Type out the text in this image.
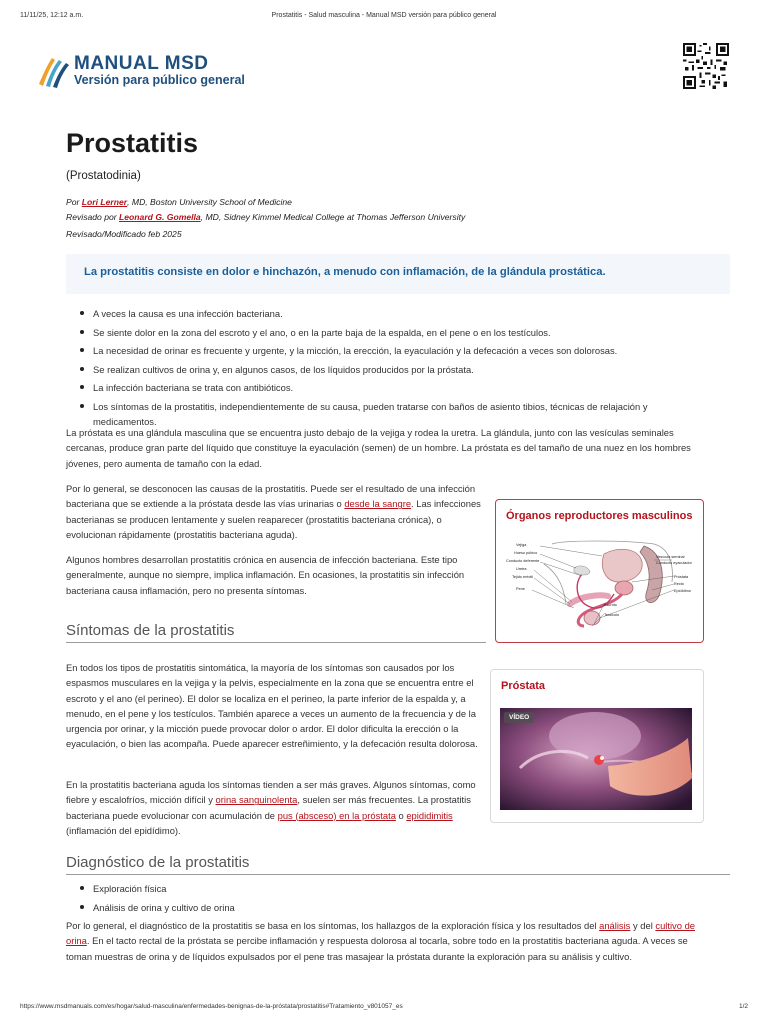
11/11/25, 12:12 a.m.	Prostatitis - Salud masculina - Manual MSD versión para público general
MANUAL MSD
Versión para público general
Prostatitis
(Prostatodinia)
Por Lori Lerner, MD, Boston University School of Medicine
Revisado por Leonard G. Gomella, MD, Sidney Kimmel Medical College at Thomas Jefferson University
Revisado/Modificado feb 2025
La prostatitis consiste en dolor e hinchazón, a menudo con inflamación, de la glándula prostática.
A veces la causa es una infección bacteriana.
Se siente dolor en la zona del escroto y el ano, o en la parte baja de la espalda, en el pene o en los testículos.
La necesidad de orinar es frecuente y urgente, y la micción, la erección, la eyaculación y la defecación a veces son dolorosas.
Se realizan cultivos de orina y, en algunos casos, de los líquidos producidos por la próstata.
La infección bacteriana se trata con antibióticos.
Los síntomas de la prostatitis, independientemente de su causa, pueden tratarse con baños de asiento tibios, técnicas de relajación y medicamentos.

La próstata es una glándula masculina que se encuentra justo debajo de la vejiga y rodea la uretra. La glándula, junto con las vesículas seminales cercanas, produce gran parte del líquido que constituye la eyaculación (semen) de un hombre. La próstata es del tamaño de una nuez en los hombres jóvenes, pero aumenta de tamaño con la edad.

Por lo general, se desconocen las causas de la prostatitis. Puede ser el resultado de una infección bacteriana que se extiende a la próstata desde las vías urinarias o desde la sangre. Las infecciones bacterianas se producen lentamente y suelen reaparecer (prostatitis bacteriana crónica), o evolucionan rápidamente (prostatitis bacteriana aguda).

Algunos hombres desarrollan prostatitis crónica en ausencia de infección bacteriana. Este tipo generalmente, aunque no siempre, implica inflamación. En ocasiones, la prostatitis sin infección bacteriana causa inflamación, pero no presenta síntomas.

Órganos reproductores masculinos
Vejiga
Hueso púbico
Conducto deferente
Uretra
Tejido eréctil
Pene
Vesícula seminal
Conducto eyaculador
Próstata
Recto
Epidídimo
Escroto
Testículo
Síntomas de la prostatitis

En todos los tipos de prostatitis sintomática, la mayoría de los síntomas son causados por los espasmos musculares en la vejiga y la pelvis, especialmente en la zona que se encuentra entre el escroto y el ano (el perineo). El dolor se localiza en el perineo, la parte inferior de la espalda y, a menudo, en el pene y los testículos. También aparece a veces un aumento de la frecuencia y de la urgencia por orinar, y la micción puede provocar dolor o ardor. El dolor dificulta la erección o la eyaculación, o bien las acompaña. Puede aparecer estreñimiento, y la defecación resulta dolorosa.

En la prostatitis bacteriana aguda los síntomas tienden a ser más graves. Algunos síntomas, como fiebre y escalofríos, micción difícil y orina sanguinolenta, suelen ser más frecuentes. La prostatitis bacteriana puede evolucionar con acumulación de pus (absceso) en la próstata o epididimitis (inflamación del epidídimo).

Próstata
VÍDEO
Diagnóstico de la prostatitis
Exploración física
Análisis de orina y cultivo de orina

Por lo general, el diagnóstico de la prostatitis se basa en los síntomas, los hallazgos de la exploración física y los resultados del análisis y del cultivo de orina. En el tacto rectal de la próstata se percibe inflamación y respuesta dolorosa al tocarla, sobre todo en la prostatitis bacteriana aguda. A veces se toman muestras de orina y de líquidos expulsados por el pene tras masajear la próstata durante la exploración para su análisis y cultivo.

https://www.msdmanuals.com/es/hogar/salud-masculina/enfermedades-benignas-de-la-próstata/prostatitis#Tratamiento_v801057_es	1/2
